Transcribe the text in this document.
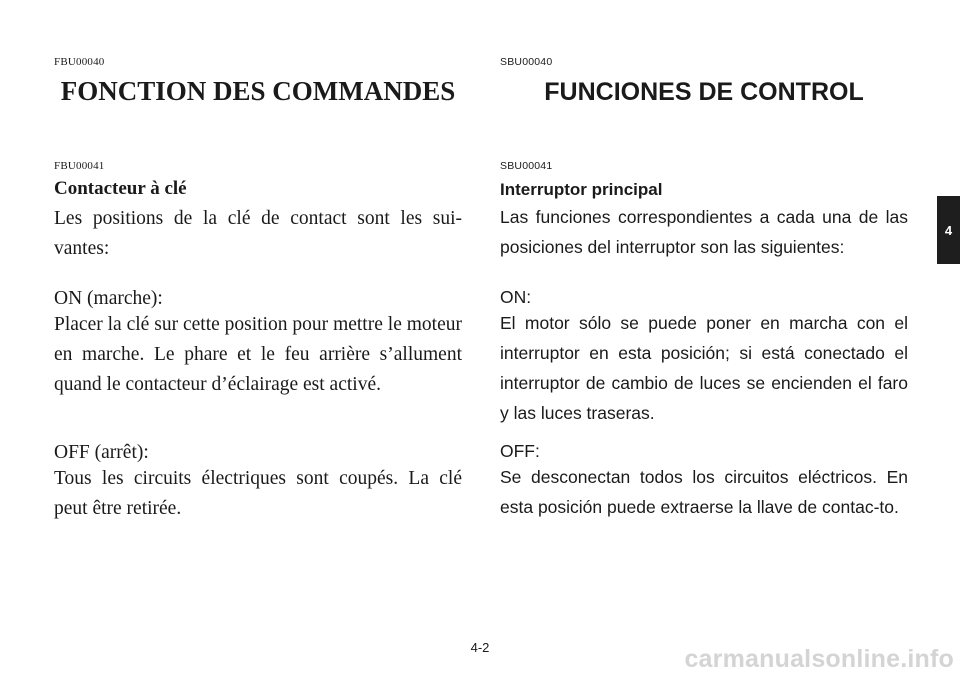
FBU00040
FONCTION DES COMMANDES
FBU00041
Contacteur à clé

Les positions de la clé de contact sont les sui-vantes:

ON (marche):

Placer la clé sur cette position pour mettre le moteur en marche. Le phare et le feu arrière s’allument quand le contacteur d’éclairage est activé.

OFF (arrêt):

Tous les circuits électriques sont coupés. La clé peut être retirée.

SBU00040
FUNCIONES DE CONTROL
SBU00041
Interruptor principal

Las funciones correspondientes a cada una de las posiciones del interruptor son las siguientes:

ON:

El motor sólo se puede poner en marcha con el interruptor en esta posición; si está conectado el interruptor de cambio de luces se encienden el faro y las luces traseras.

OFF:

Se desconectan todos los circuitos eléctricos. En esta posición puede extraerse la llave de contac-to.

4
4-2	carmanualsonline.info
